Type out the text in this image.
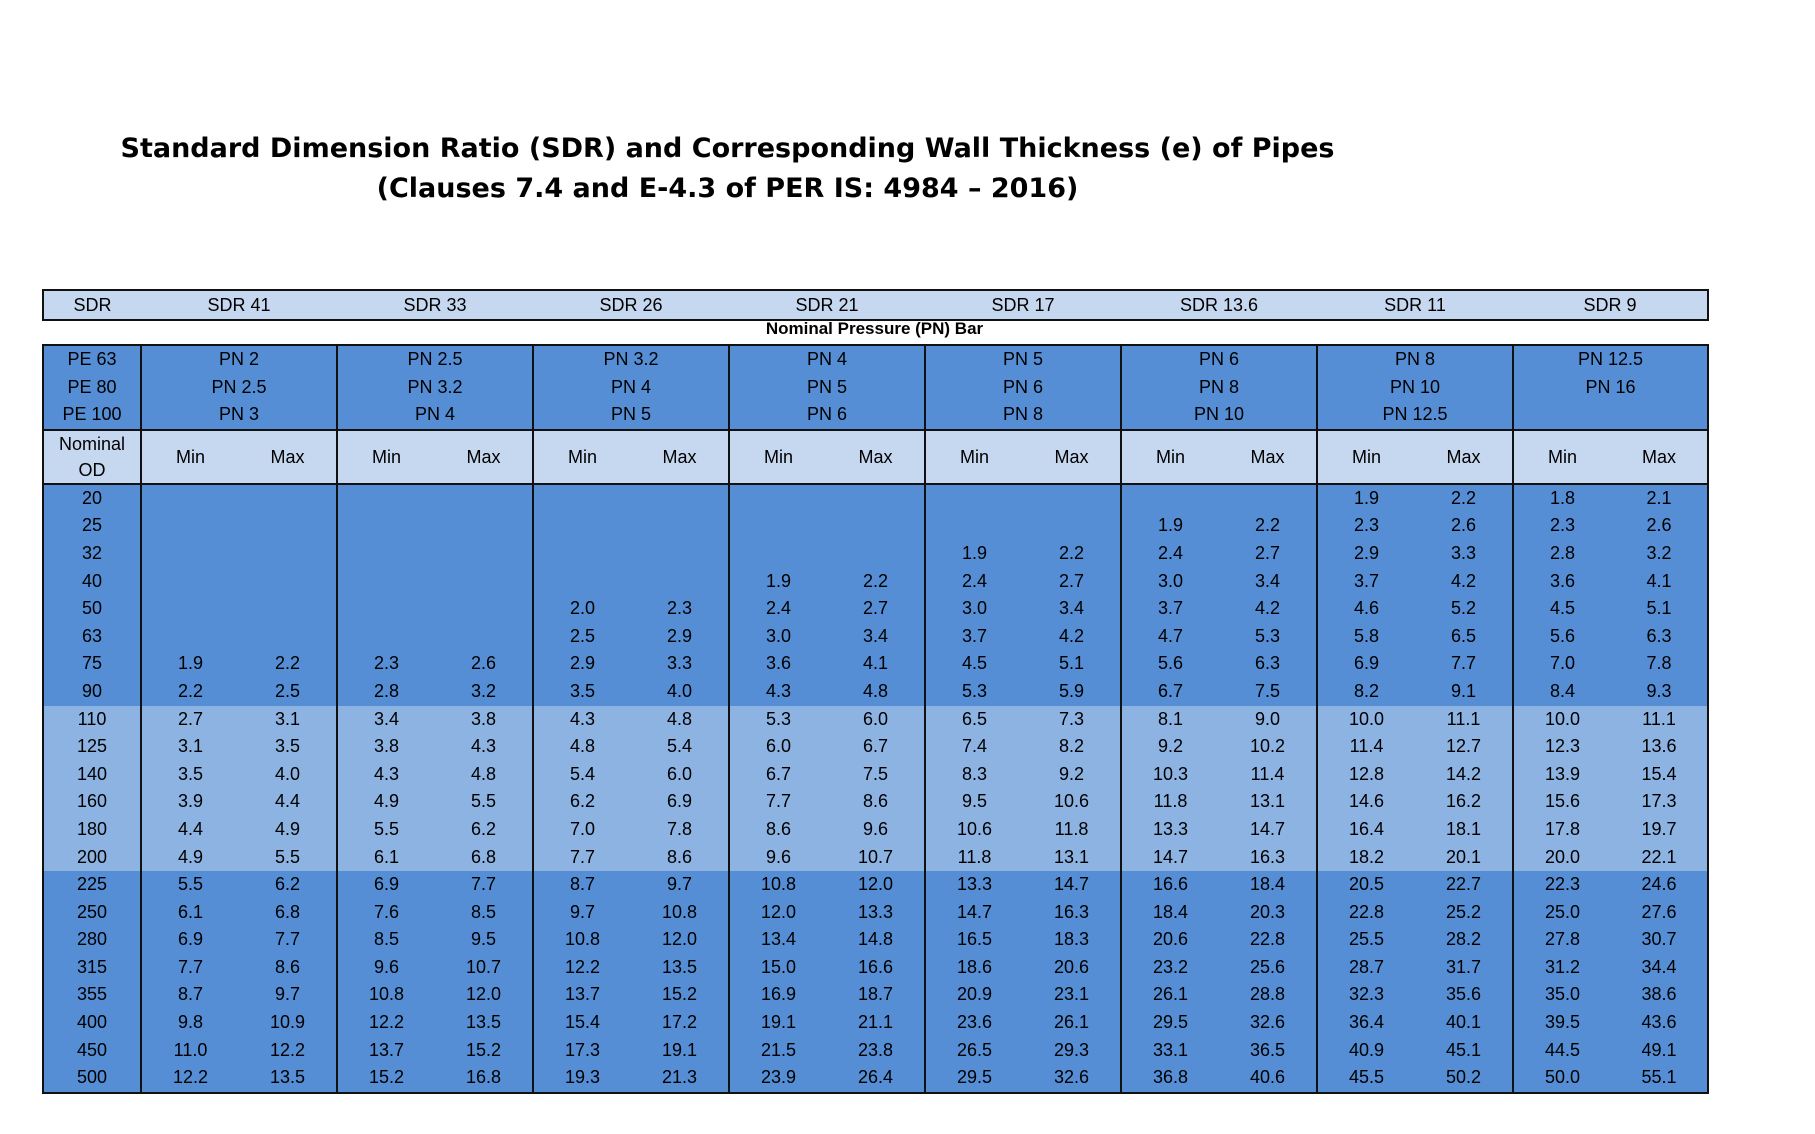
Standard Dimension Ratio (SDR) and Corresponding Wall Thickness (e) of Pipes
(Clauses 7.4 and E-4.3 of PER IS: 4984 – 2016)
SDR	SDR 41	SDR 33	SDR 26	SDR 21	SDR 17	SDR 13.6	SDR 11	SDR 9
Nominal Pressure (PN) Bar
PE 63	PN 2		PN 2.5		PN 3.2		PN 4		PN 5		PN 6		PN 8		PN 12.5	
PE 80	PN 2.5		PN 3.2		PN 4		PN 5		PN 6		PN 8		PN 10		PN 16	
PE 100	PN 3		PN 4		PN 5		PN 6		PN 8		PN 10		PN 12.5			
Nominal
OD	Min	Max	Min	Max	Min	Max	Min	Max	Min	Max	Min	Max	Min	Max	Min	Max
20													1.9	2.2	1.8	2.1
25											1.9	2.2	2.3	2.6	2.3	2.6
32									1.9	2.2	2.4	2.7	2.9	3.3	2.8	3.2
40							1.9	2.2	2.4	2.7	3.0	3.4	3.7	4.2	3.6	4.1
50					2.0	2.3	2.4	2.7	3.0	3.4	3.7	4.2	4.6	5.2	4.5	5.1
63					2.5	2.9	3.0	3.4	3.7	4.2	4.7	5.3	5.8	6.5	5.6	6.3
75	1.9	2.2	2.3	2.6	2.9	3.3	3.6	4.1	4.5	5.1	5.6	6.3	6.9	7.7	7.0	7.8
90	2.2	2.5	2.8	3.2	3.5	4.0	4.3	4.8	5.3	5.9	6.7	7.5	8.2	9.1	8.4	9.3
110	2.7	3.1	3.4	3.8	4.3	4.8	5.3	6.0	6.5	7.3	8.1	9.0	10.0	11.1	10.0	11.1
125	3.1	3.5	3.8	4.3	4.8	5.4	6.0	6.7	7.4	8.2	9.2	10.2	11.4	12.7	12.3	13.6
140	3.5	4.0	4.3	4.8	5.4	6.0	6.7	7.5	8.3	9.2	10.3	11.4	12.8	14.2	13.9	15.4
160	3.9	4.4	4.9	5.5	6.2	6.9	7.7	8.6	9.5	10.6	11.8	13.1	14.6	16.2	15.6	17.3
180	4.4	4.9	5.5	6.2	7.0	7.8	8.6	9.6	10.6	11.8	13.3	14.7	16.4	18.1	17.8	19.7
200	4.9	5.5	6.1	6.8	7.7	8.6	9.6	10.7	11.8	13.1	14.7	16.3	18.2	20.1	20.0	22.1
225	5.5	6.2	6.9	7.7	8.7	9.7	10.8	12.0	13.3	14.7	16.6	18.4	20.5	22.7	22.3	24.6
250	6.1	6.8	7.6	8.5	9.7	10.8	12.0	13.3	14.7	16.3	18.4	20.3	22.8	25.2	25.0	27.6
280	6.9	7.7	8.5	9.5	10.8	12.0	13.4	14.8	16.5	18.3	20.6	22.8	25.5	28.2	27.8	30.7
315	7.7	8.6	9.6	10.7	12.2	13.5	15.0	16.6	18.6	20.6	23.2	25.6	28.7	31.7	31.2	34.4
355	8.7	9.7	10.8	12.0	13.7	15.2	16.9	18.7	20.9	23.1	26.1	28.8	32.3	35.6	35.0	38.6
400	9.8	10.9	12.2	13.5	15.4	17.2	19.1	21.1	23.6	26.1	29.5	32.6	36.4	40.1	39.5	43.6
450	11.0	12.2	13.7	15.2	17.3	19.1	21.5	23.8	26.5	29.3	33.1	36.5	40.9	45.1	44.5	49.1
500	12.2	13.5	15.2	16.8	19.3	21.3	23.9	26.4	29.5	32.6	36.8	40.6	45.5	50.2	50.0	55.1
